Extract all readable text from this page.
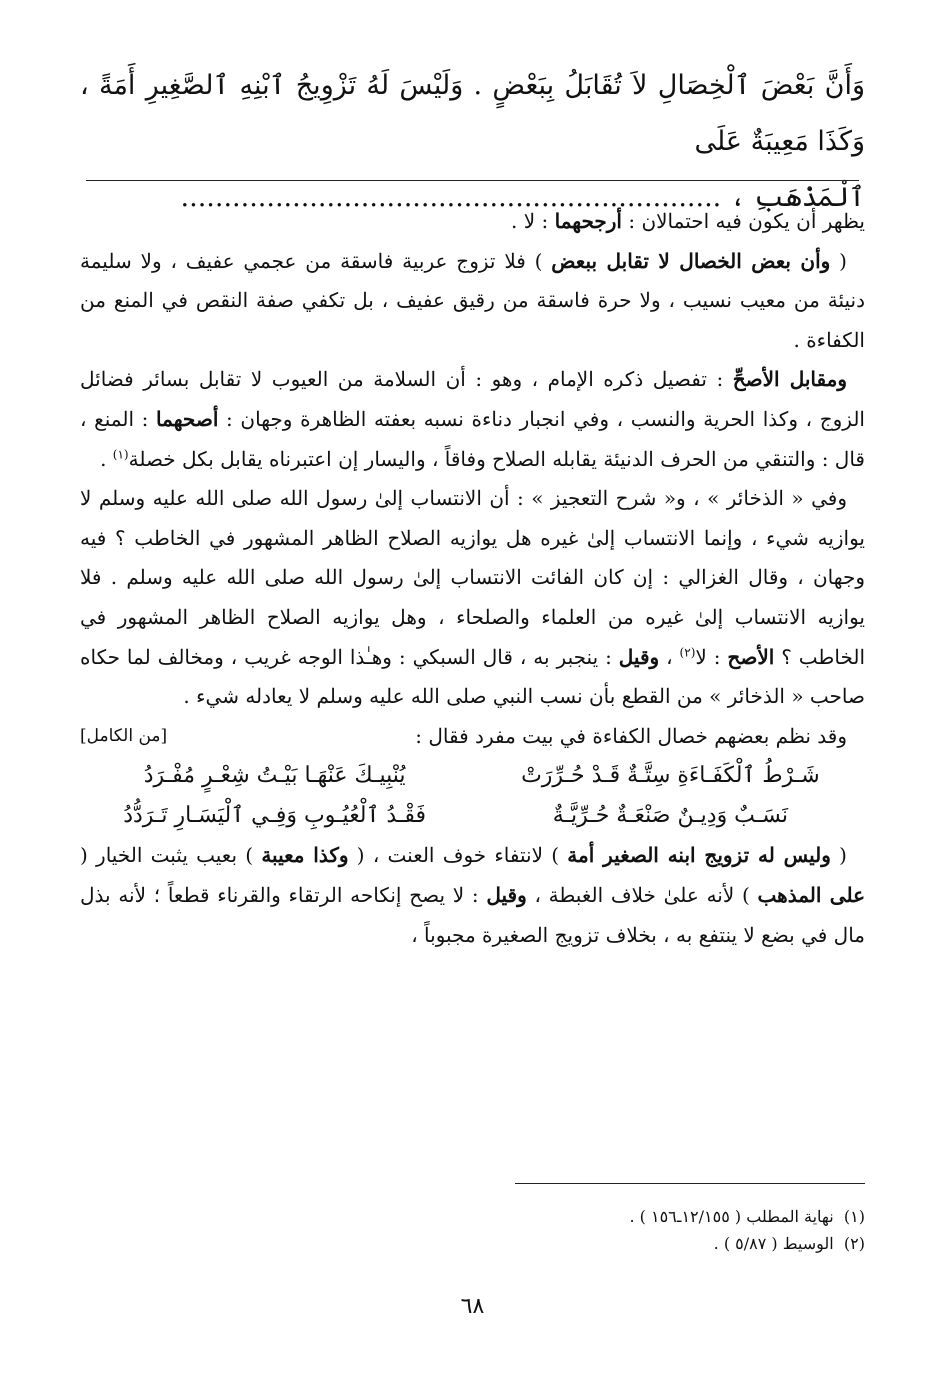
وَأَنَّ بَعْضَ ٱلْخِصَالِ لاَ تُقَابَلُ بِبَعْضٍ . وَلَيْسَ لَهُ تَزْوِيجُ ٱبْنِهِ ٱلصَّغِيرِ أَمَةً ، وَكَذَا مَعِيبَةٌ عَلَى

ٱلْمَذْهَبِ ، ...............................................................

يظهر أن يكون فيه احتمالان : أرجحهما : لا .

( وأن بعض الخصال لا تقابل ببعض ) فلا تزوج عربية فاسقة من عجمي عفيف ، ولا سليمة دنيئة من معيب نسيب ، ولا حرة فاسقة من رقيق عفيف ، بل تكفي صفة النقص في المنع من الكفاءة .

ومقابل الأصحِّ : تفصيل ذكره الإمام ، وهو : أن السلامة من العيوب لا تقابل بسائر فضائل الزوج ، وكذا الحرية والنسب ، وفي انجبار دناءة نسبه بعفته الظاهرة وجهان : أصحهما : المنع ، قال : والتنقي من الحرف الدنيئة يقابله الصلاح وفاقاً ، واليسار إن اعتبرناه يقابل بكل خصلة$^{(١)}$ .

وفي « الذخائر » ، و« شرح التعجيز » : أن الانتساب إلىٰ رسول الله صلى الله عليه وسلم لا يوازيه شيء ، وإنما الانتساب إلىٰ غيره هل يوازيه الصلاح الظاهر المشهور في الخاطب ؟ فيه وجهان ، وقال الغزالي : إن كان الفائت الانتساب إلىٰ رسول الله صلى الله عليه وسلم . فلا يوازيه الانتساب إلىٰ غيره من العلماء والصلحاء ، وهل يوازيه الصلاح الظاهر المشهور في الخاطب ؟ الأصح : لا$^{(٢)}$ ، وقيل : ينجبر به ، قال السبكي : وهـٰذا الوجه غريب ، ومخالف لما حكاه صاحب « الذخائر » من القطع بأن نسب النبي صلى الله عليه وسلم لا يعادله شيء .

وقد نظم بعضهم خصال الكفاءة في بيت مفرد فقال :
[من الكامل]

شَـرْطُ ٱلْكَفَـاءَةِ سِتَّـةٌ قَـدْ حُـرِّرَتْ
يُنْبِيـكَ عَنْهَـا بَيْـتُ شِعْـرٍ مُفْـرَدُ
نَسَـبٌ وَدِيـنٌ صَنْعَـةٌ حُـرِّيَّـةٌ
فَقْـدُ ٱلْعُيُـوبِ وَفِـي ٱلْيَسَـارِ تَـرَدُّدُ

( وليس له تزويج ابنه الصغير أمة ) لانتفاء خوف العنت ، ( وكذا معيبة ) بعيب يثبت الخيار ( على المذهب ) لأنه علىٰ خلاف الغبطة ، وقيل : لا يصح إنكاحه الرتقاء والقرناء قطعاً ؛ لأنه بذل مال في بضع لا ينتفع به ، بخلاف تزويج الصغيرة مجبوباً ،

(١)  نهاية المطلب ( ١٢/١٥٥ـ١٥٦ ) .

(٢)  الوسيط ( ٥/٨٧ ) .

٦٨
